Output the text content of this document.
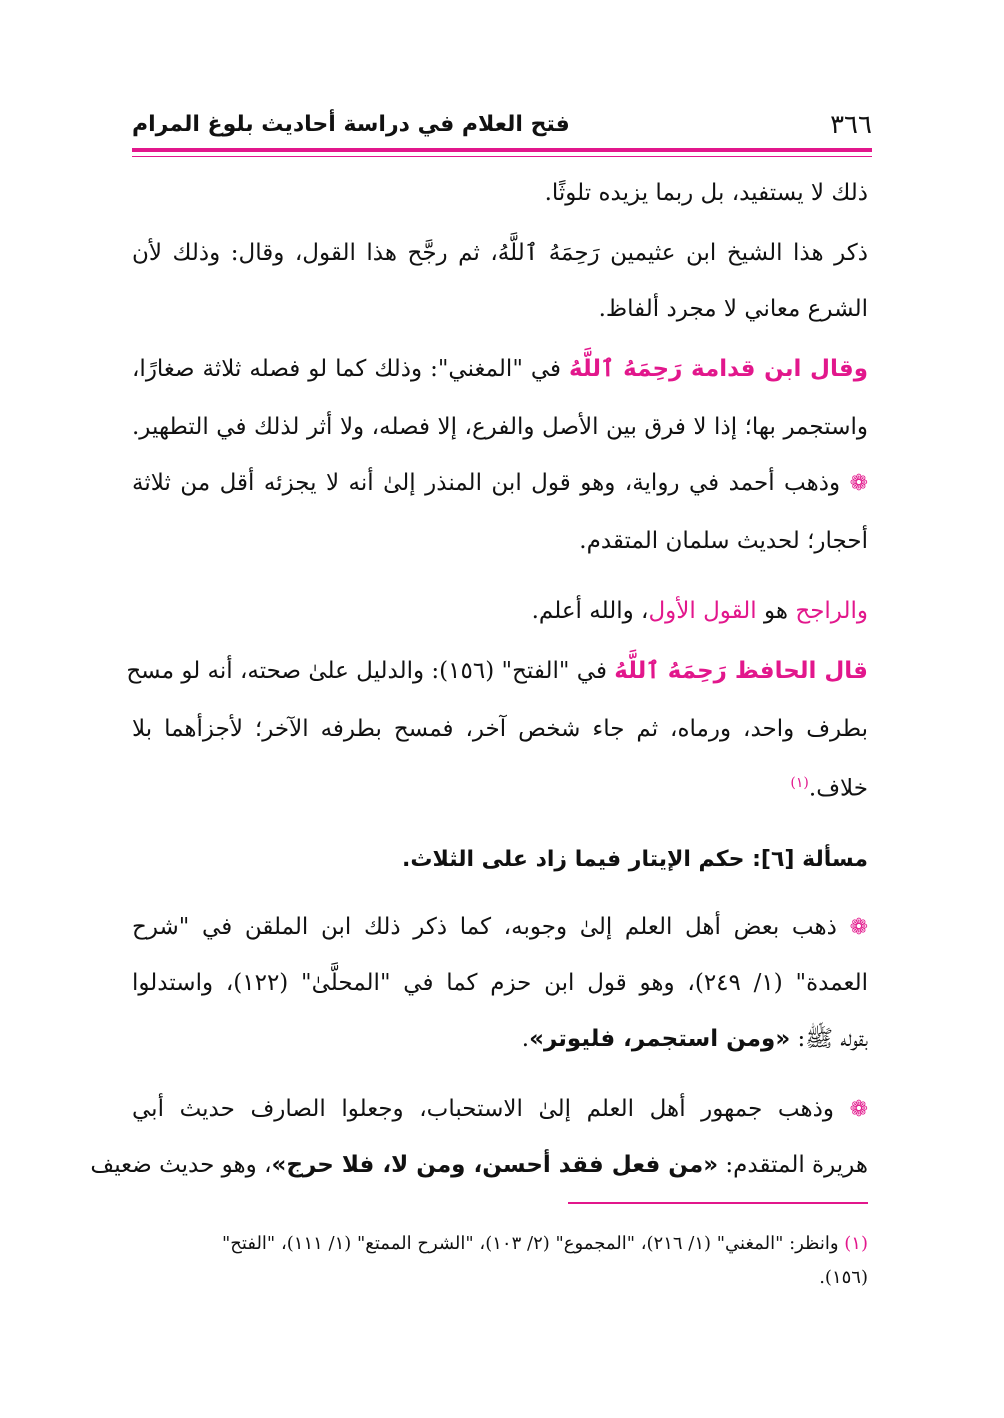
٣٦٦
فتح العلام في دراسة أحاديث بلوغ المرام
ذلك لا يستفيد، بل ربما يزيده تلوثًا.
ذكر هذا الشيخ ابن عثيمين رَحِمَهُ ٱللَّهُ، ثم رجَّح هذا القول، وقال: وذلك لأن
الشرع معاني لا مجرد ألفاظ.
وقال ابن قدامة رَحِمَهُ ٱللَّهُ في "المغني": وذلك كما لو فصله ثلاثة صغارًا،
واستجمر بها؛ إذا لا فرق بين الأصل والفرع، إلا فصله، ولا أثر لذلك في التطهير.
❁ وذهب أحمد في رواية، وهو قول ابن المنذر إلىٰ أنه لا يجزئه أقل من ثلاثة
أحجار؛ لحديث سلمان المتقدم.
والراجح هو القول الأول، والله أعلم.
قال الحافظ رَحِمَهُ ٱللَّهُ في "الفتح" (١٥٦): والدليل علىٰ صحته، أنه لو مسح
بطرف واحد، ورماه، ثم جاء شخص آخر، فمسح بطرفه الآخر؛ لأجزأهما بلا
خلاف.$^{(١)}$
مسألة [٦]: حكم الإيتار فيما زاد على الثلاث.
❁ ذهب بعض أهل العلم إلىٰ وجوبه، كما ذكر ذلك ابن الملقن في "شرح
العمدة" (١/ ٢٤٩)، وهو قول ابن حزم كما في "المحلَّىٰ" (١٢٢)، واستدلوا
بقوله ﷺ: «ومن استجمر، فليوتر».
❁ وذهب جمهور أهل العلم إلىٰ الاستحباب، وجعلوا الصارف حديث أبي
هريرة المتقدم: «من فعل فقد أحسن، ومن لا، فلا حرج»، وهو حديث ضعيف
(١) وانظر: "المغني" (١/ ٢١٦)، "المجموع" (٢/ ١٠٣)، "الشرح الممتع" (١/ ١١١)، "الفتح"
(١٥٦).
